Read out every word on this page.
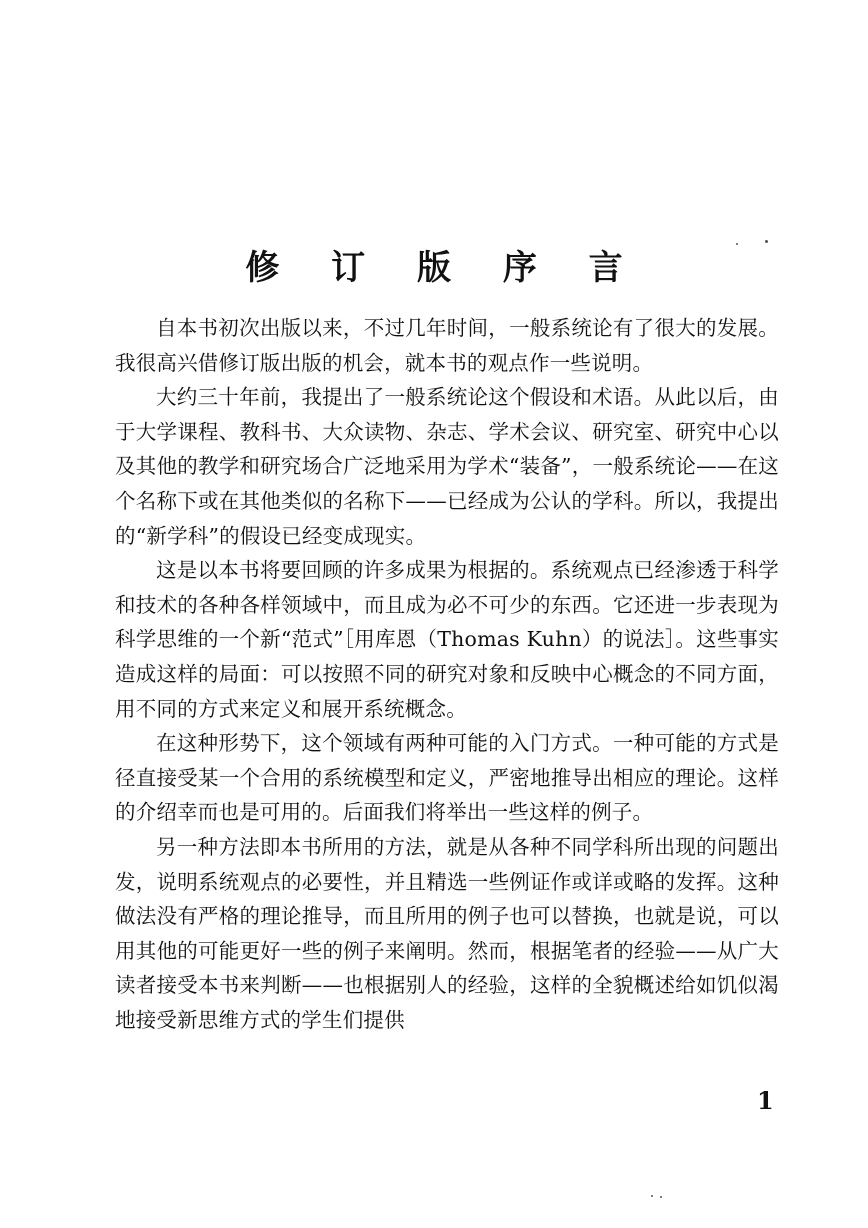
修 订 版 序 言

自本书初次出版以来，不过几年时间，一般系统论有了很大的发展。我很高兴借修订版出版的机会，就本书的观点作一些说明。

大约三十年前，我提出了一般系统论这个假设和术语。从此以后，由于大学课程、教科书、大众读物、杂志、学术会议、研究室、研究中心以及其他的教学和研究场合广泛地采用为学术“装备”，一般系统论——在这个名称下或在其他类似的名称下——已经成为公认的学科。所以，我提出的“新学科”的假设已经变成现实。

这是以本书将要回顾的许多成果为根据的。系统观点已经渗透于科学和技术的各种各样领域中，而且成为必不可少的东西。它还进一步表现为科学思维的一个新“范式”［用库恩（Thomas Kuhn）的说法］。这些事实造成这样的局面：可以按照不同的研究对象和反映中心概念的不同方面，用不同的方式来定义和展开系统概念。

在这种形势下，这个领域有两种可能的入门方式。一种可能的方式是径直接受某一个合用的系统模型和定义，严密地推导出相应的理论。这样的介绍幸而也是可用的。后面我们将举出一些这样的例子。

另一种方法即本书所用的方法，就是从各种不同学科所出现的问题出发，说明系统观点的必要性，并且精选一些例证作或详或略的发挥。这种做法没有严格的理论推导，而且所用的例子也可以替换，也就是说，可以用其他的可能更好一些的例子来阐明。然而，根据笔者的经验——从广大读者接受本书来判断——也根据别人的经验，这样的全貌概述给如饥似渴地接受新思维方式的学生们提供

1
